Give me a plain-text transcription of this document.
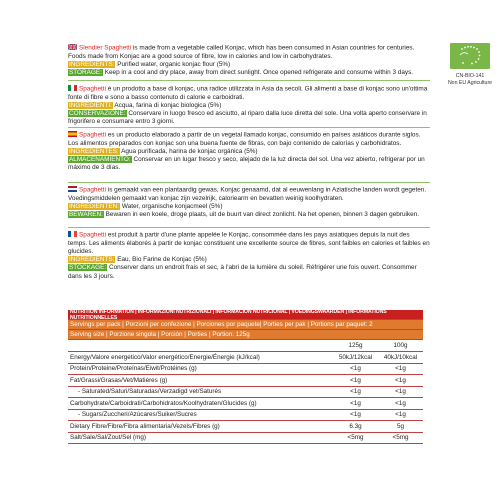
CN-BIO-141
Non EU Agriculture

Slendier Spaghetti is made from a vegetable called Konjac, which has been consumed in Asian countries for centuries. Foods made from Konjac are a good source of fibre, low in calories and low in carbohydrates.

INGREDIENTS: Purified water, organic konjac flour (5%)

STORAGE: Keep in a cool and dry place, away from direct sunlight. Once opened refrigerate and consume within 3 days.

Spaghetti è un prodotto a base di konjac, una radice utilizzata in Asia da secoli. Gli alimenti a base di konjac sono un'ottima fonte di fibre e sono a basso contenuto di calorie e carboidrati.

INGREDIENTI: Acqua, farina di konjac biologica (5%)

CONSERVAZIONE: Conservare in luogo fresco ed asciutto, al riparo dalla luce diretta del sole. Una volta aperto conservare in frigorifero e consumare entro 3 giorni.

Spaghetti es un producto elaborado a partir de un vegetal llamado konjac, consumido en países asiáticos durante siglos. Los alimentos preparados con konjac son una buena fuente de fibras, con bajo contenido de calorías y carbohidratos.

INGREDIENTES: Agua purificada, harina de konjac orgánica (5%)

ALMACENAMIENTO: Conservar en un lugar fresco y seco, alejado de la luz directa del sol. Una vez abierto, refrigerar por un máximo de 3 días.

Spaghetti is gemaakt van een plantaardig gewas, Konjac genaamd, dat al eeuwenlang in Aziatische landen wordt gegeten. Voedingsmiddelen gemaakt van konjac zijn vezelrijk, caloriearm en bevatten weinig koolhydraten.

INGREDIËNTEN: Water, organische konjacmeel (5%)

BEWAREN: Bewaren in een koele, droge plaats, uit de buurt van direct zonlicht. Na het openen, binnen 3 dagen gebruiken.

Spaghetti est produit à partir d'une plante appelée le Konjac, consommée dans les pays asiatiques depuis la nuit des temps. Les aliments élaborés à partir de konjac constituent une excellente source de fibres, sont faibles en calories et faibles en glucides.

INGRÉDIENTS: Eau, Bio Farine de Konjac (5%)

STOCKAGE: Conserver dans un endroit frais et sec, à l'abri de la lumière du soleil. Réfrigérer une fois ouvert. Consommer dans les 3 jours.

NUTRITION INFORMATION | INFORMAZIONI NUTRIZIONALI | INFORMACIÓN NUTRICIONAL | VOEDINGSWAARDEN | INFORMATIONS NUTRITIONNELLES
Servings per pack | Porzioni per confezione | Porciones por paquete| Porties per pak | Portions par paquet: 2
Serving size | Porzione singola | Porción | Porties | Portion: 125g
125g	100g
Energy/Valore energetico/Valor energético/Energie/Énergie (kJ/kcal)	50kJ/12kcal	40kJ/10kcal
Protein/Proteine/Proteínas/Eiwit/Protéines (g)	<1g	<1g
Fat/Grassi/Grasas/Vet/Matières (g)	<1g	<1g
- Saturated/Saturi/Saturadas/Verzadigd vet/Saturés	<1g	<1g
Carbohydrate/Carboidrati/Carbohidratos/Koolhydraten/Glucides (g)	<1g	<1g
- Sugars/Zuccheri/Azúcares/Suiker/Sucres	<1g	<1g
Dietary Fibre/Fibre/Fibra alimentaria/Vezels/Fibres (g)	6.3g	5g
Salt/Sale/Sal/Zout/Sel (mg)	<5mg	<5mg
